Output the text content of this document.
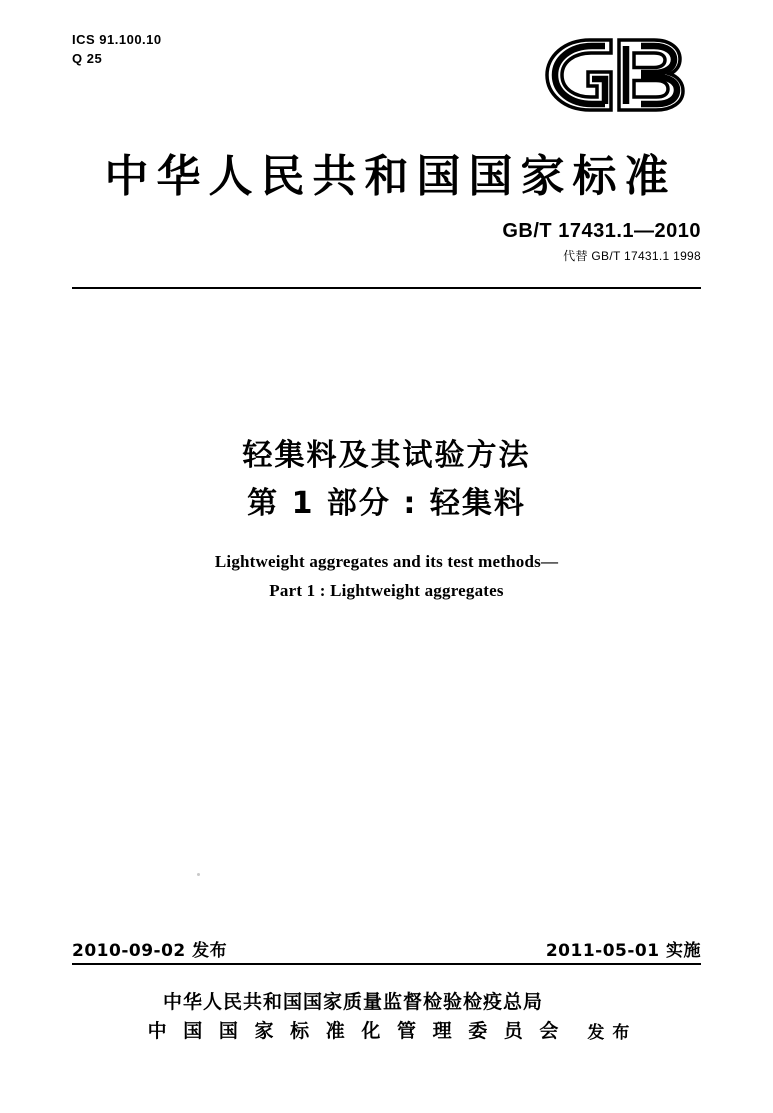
ICS 91.100.10
Q 25
中华人民共和国国家标准
GB/T 17431.1—2010
代替 GB/T 17431.1 1998
轻集料及其试验方法
第 1 部分 : 轻集料
Lightweight aggregates and its test methods—
Part 1 : Lightweight aggregates
2010-09-02 发布	2011-05-01 实施
中华人民共和国国家质量监督检验检疫总局
中 国 国 家 标 准 化 管 理 委 员 会 发 布
